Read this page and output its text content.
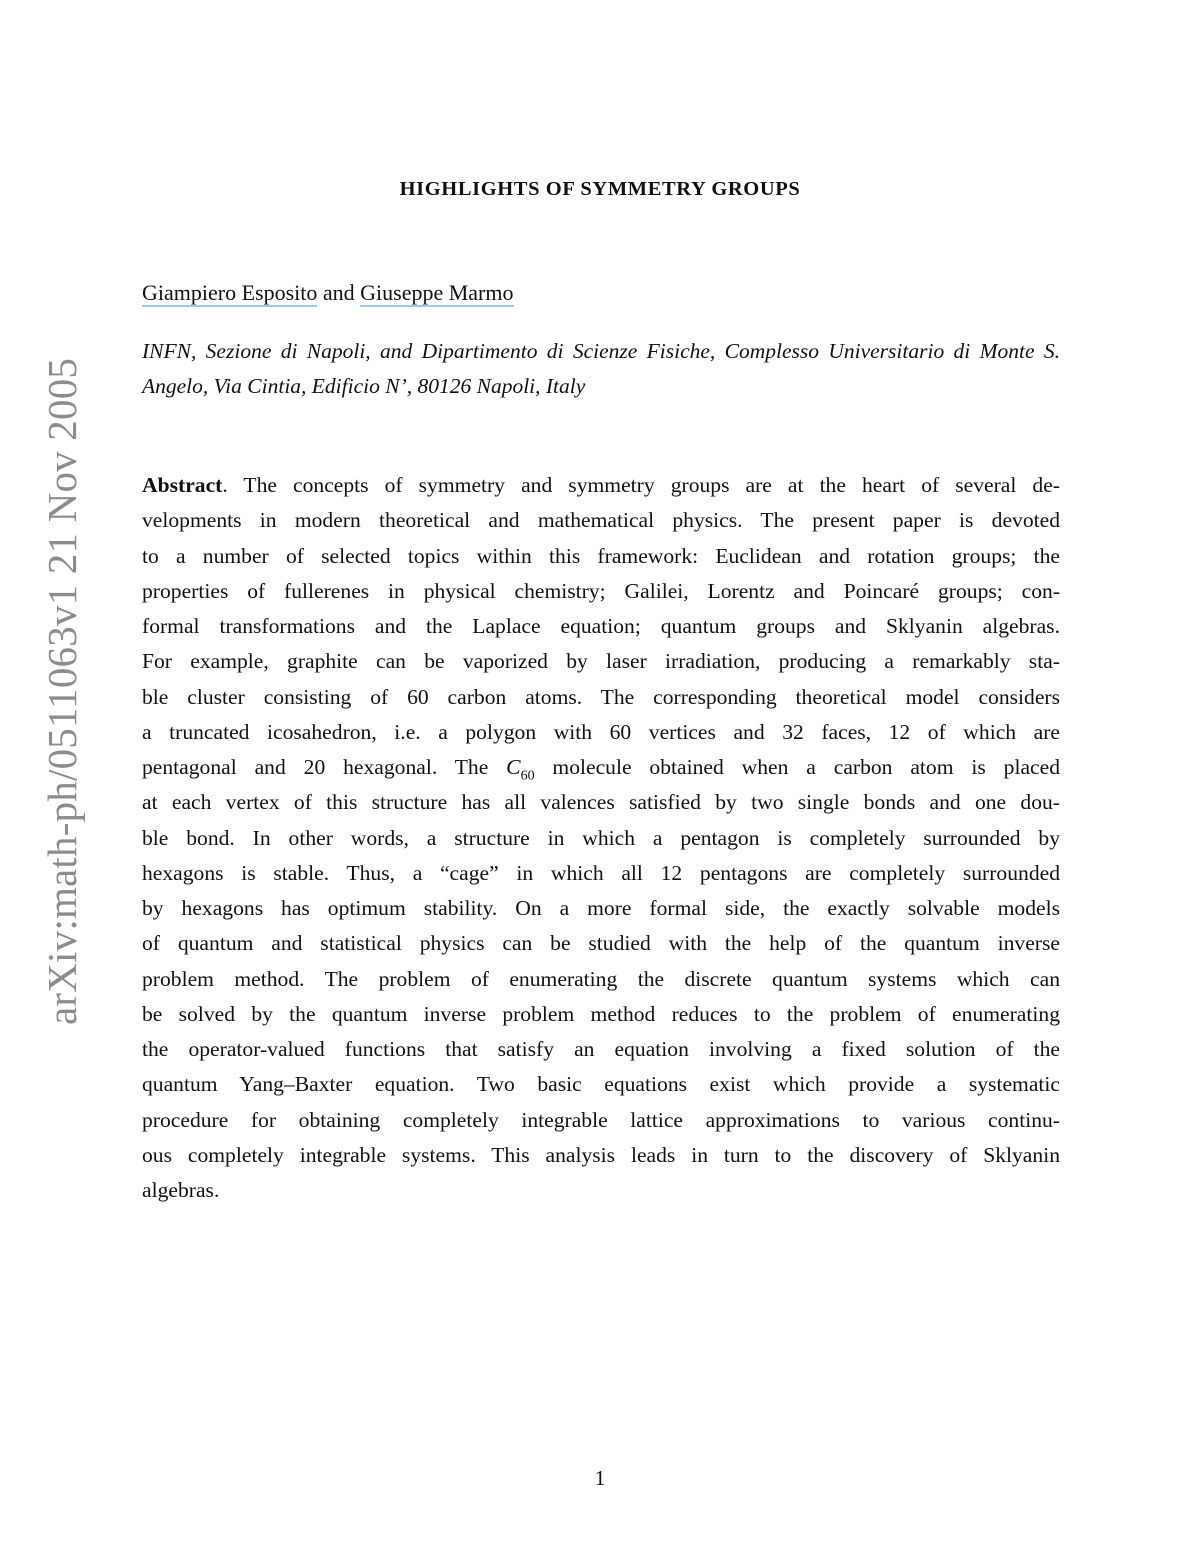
arXiv:math-ph/0511063v1 21 Nov 2005
HIGHLIGHTS OF SYMMETRY GROUPS
Giampiero Esposito and Giuseppe Marmo
INFN, Sezione di Napoli, and Dipartimento di Scienze Fisiche, Complesso Universitario di Monte S. Angelo, Via Cintia, Edificio N’, 80126 Napoli, Italy
Abstract. The concepts of symmetry and symmetry groups are at the heart of several de-
velopments in modern theoretical and mathematical physics. The present paper is devoted
to a number of selected topics within this framework: Euclidean and rotation groups; the
properties of fullerenes in physical chemistry; Galilei, Lorentz and Poincaré groups; con-
formal transformations and the Laplace equation; quantum groups and Sklyanin algebras.
For example, graphite can be vaporized by laser irradiation, producing a remarkably sta-
ble cluster consisting of 60 carbon atoms. The corresponding theoretical model considers
a truncated icosahedron, i.e. a polygon with 60 vertices and 32 faces, 12 of which are
pentagonal and 20 hexagonal. The $C_{60}$ molecule obtained when a carbon atom is placed
at each vertex of this structure has all valences satisfied by two single bonds and one dou-
ble bond. In other words, a structure in which a pentagon is completely surrounded by
hexagons is stable. Thus, a “cage” in which all 12 pentagons are completely surrounded
by hexagons has optimum stability. On a more formal side, the exactly solvable models
of quantum and statistical physics can be studied with the help of the quantum inverse
problem method. The problem of enumerating the discrete quantum systems which can
be solved by the quantum inverse problem method reduces to the problem of enumerating
the operator-valued functions that satisfy an equation involving a fixed solution of the
quantum Yang–Baxter equation. Two basic equations exist which provide a systematic
procedure for obtaining completely integrable lattice approximations to various continu-
ous completely integrable systems. This analysis leads in turn to the discovery of Sklyanin
algebras.
1
